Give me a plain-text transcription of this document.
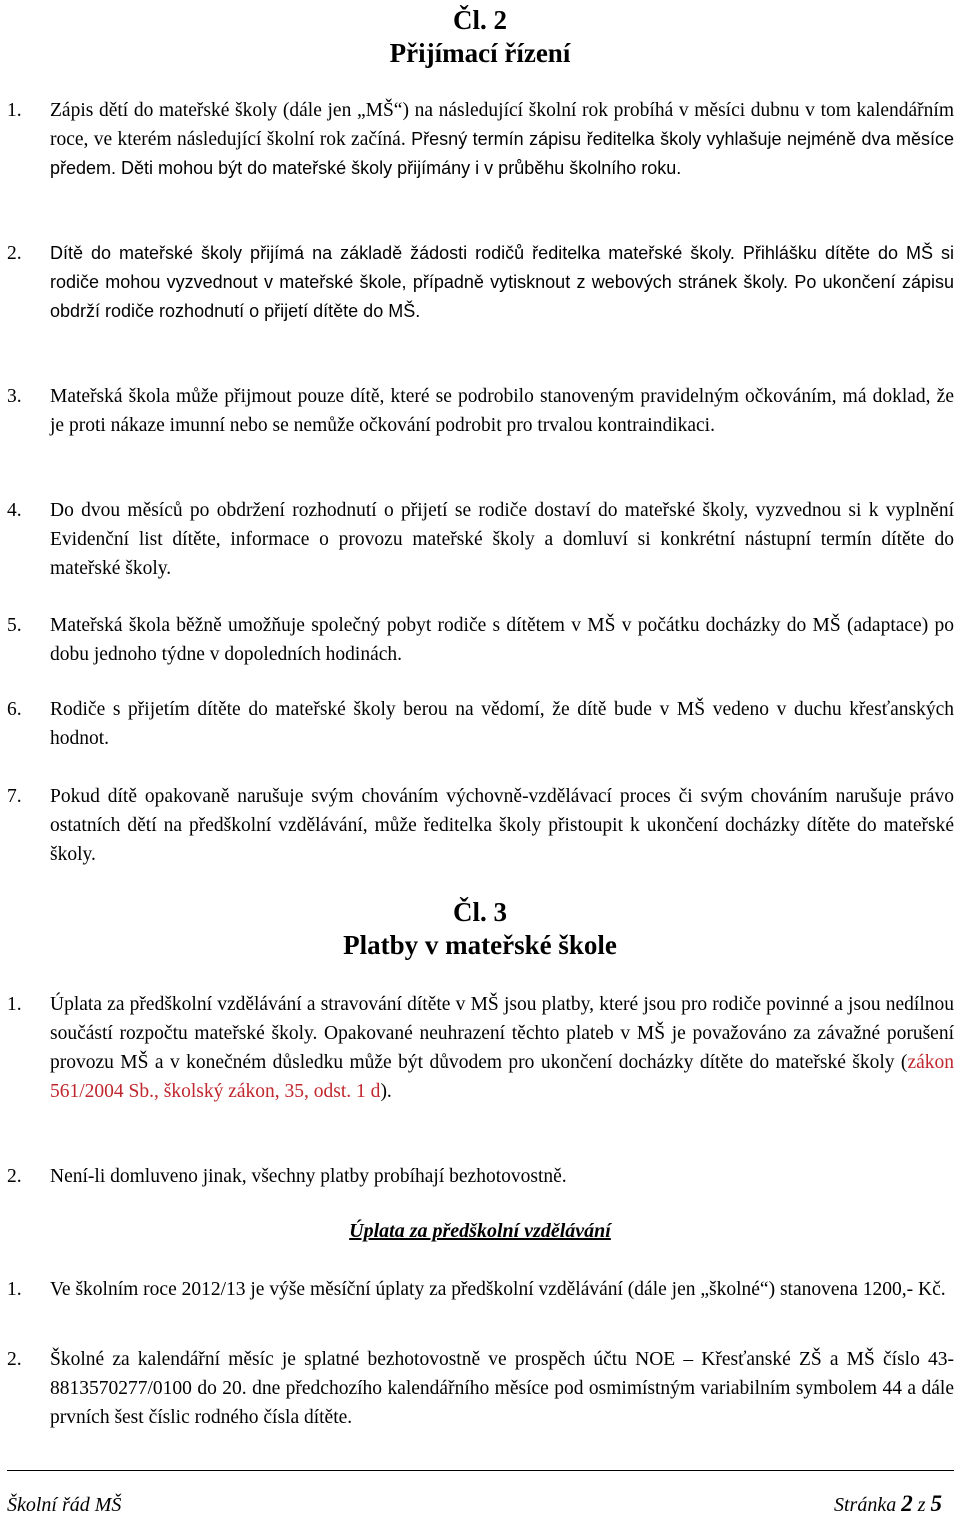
Čl. 2
Přijímací řízení
1. Zápis dětí do mateřské školy (dále jen „MŠ“) na následující školní rok probíhá v měsíci dubnu v tom kalendářním roce, ve kterém následující školní rok začíná. Přesný termín zápisu ředitelka školy vyhlašuje nejméně dva měsíce předem. Děti mohou být do mateřské školy přijímány i v průběhu školního roku.
2. Dítě do mateřské školy přijímá na základě žádosti rodičů ředitelka mateřské školy. Přihlášku dítěte do MŠ si rodiče mohou vyzvednout v mateřské škole, případně vytisknout z webových stránek školy. Po ukončení zápisu obdrží rodiče rozhodnutí o přijetí dítěte do MŠ.
3. Mateřská škola může přijmout pouze dítě, které se podrobilo stanoveným pravidelným očkováním, má doklad, že je proti nákaze imunní nebo se nemůže očkování podrobit pro trvalou kontraindikaci.
4. Do dvou měsíců po obdržení rozhodnutí o přijetí se rodiče dostaví do mateřské školy, vyzvednou si k vyplnění Evidenční list dítěte, informace o provozu mateřské školy a domluví si konkrétní nástupní termín dítěte do mateřské školy.
5. Mateřská škola běžně umožňuje společný pobyt rodiče s dítětem v MŠ v počátku docházky do MŠ (adaptace) po dobu jednoho týdne v dopoledních hodinách.
6. Rodiče s přijetím dítěte do mateřské školy berou na vědomí, že dítě bude v MŠ vedeno v duchu křesťanských hodnot.
7. Pokud dítě opakovaně narušuje svým chováním výchovně-vzdělávací proces či svým chováním narušuje právo ostatních dětí na předškolní vzdělávání, může ředitelka školy přistoupit k ukončení docházky dítěte do mateřské školy.
Čl. 3
Platby v mateřské škole
1. Úplata za předškolní vzdělávání a stravování dítěte v MŠ jsou platby, které jsou pro rodiče povinné a jsou nedílnou součástí rozpočtu mateřské školy. Opakované neuhrazení těchto plateb v MŠ je považováno za závažné porušení provozu MŠ a v konečném důsledku může být důvodem pro ukončení docházky dítěte do mateřské školy (zákon 561/2004 Sb., školský zákon, 35, odst. 1 d).
2. Není-li domluveno jinak, všechny platby probíhají bezhotovostně.
Úplata za předškolní vzdělávání
1. Ve školním roce 2012/13 je výše měsíční úplaty za předškolní vzdělávání (dále jen „školné“) stanovena 1200,- Kč.
2. Školné za kalendářní měsíc je splatné bezhotovostně ve prospěch účtu NOE – Křesťanské ZŠ a MŠ číslo 43-8813570277/0100 do 20. dne předchozího kalendářního měsíce pod osmimístným variabilním symbolem 44 a dále prvních šest číslic rodného čísla dítěte.
Školní řád MŠ	Stránka 2 z 5
